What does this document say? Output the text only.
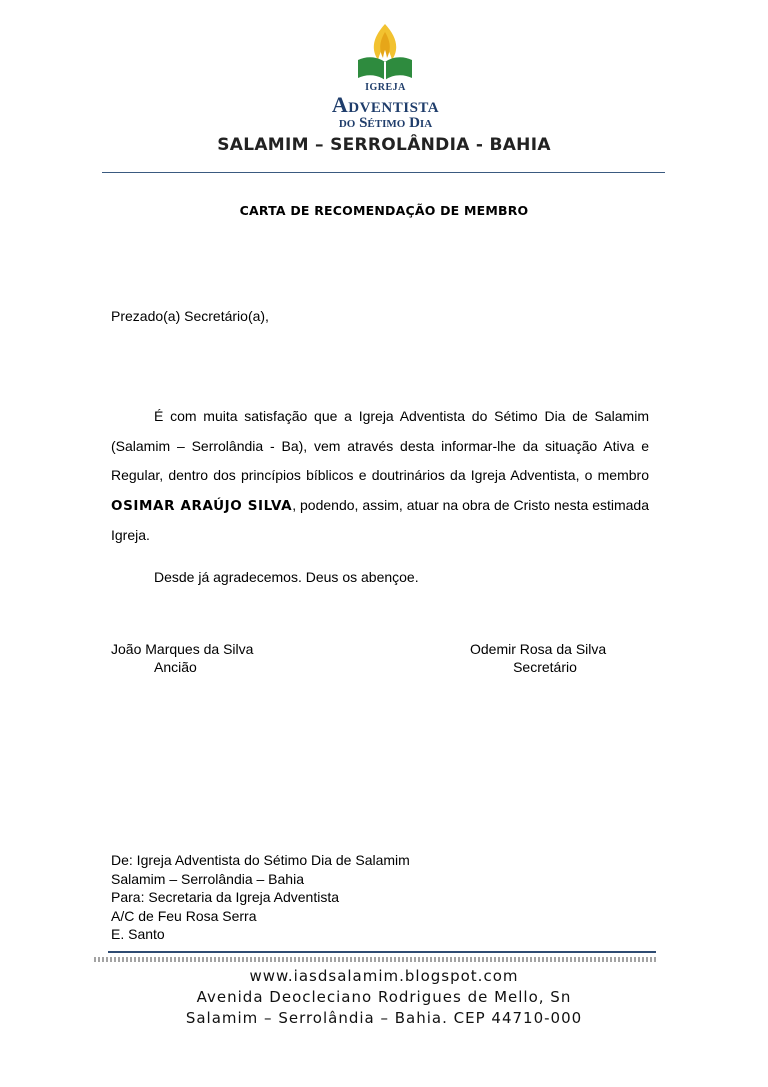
IGREJA
Adventista
do Sétimo Dia
SALAMIM – SERROLÂNDIA - BAHIA
CARTA DE RECOMENDAÇÃO DE MEMBRO
Prezado(a) Secretário(a),

É com muita satisfação que a Igreja Adventista do Sétimo Dia de Salamim (Salamim – Serrolândia - Ba), vem através desta informar-lhe da situação Ativa e Regular, dentro dos princípios bíblicos e doutrinários da Igreja Adventista, o membro OSIMAR ARAÚJO SILVA, podendo, assim, atuar na obra de Cristo nesta estimada Igreja.

Desde já agradecemos. Deus os abençoe.
João Marques da Silva
Ancião
Odemir Rosa da Silva
Secretário
De: Igreja Adventista do Sétimo Dia de Salamim
Salamim – Serrolândia – Bahia
Para: Secretaria da Igreja Adventista
A/C de Feu Rosa Serra
E. Santo
www.iasdsalamim.blogspot.com
Avenida Deocleciano Rodrigues de Mello, Sn
Salamim – Serrolândia – Bahia. CEP 44710-000
